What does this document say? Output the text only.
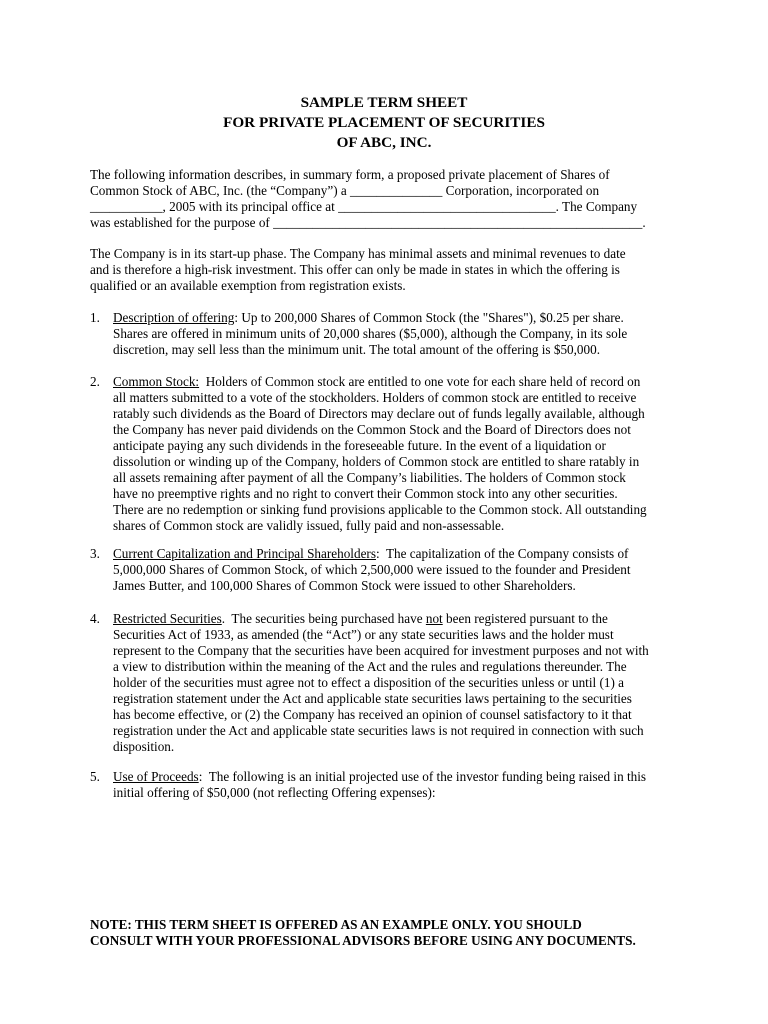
SAMPLE TERM SHEET
FOR PRIVATE PLACEMENT OF SECURITIES
OF ABC, INC.
The following information describes, in summary form, a proposed private placement of Shares of
Common Stock of ABC, Inc. (the “Company”) a ______________ Corporation, incorporated on
___________, 2005 with its principal office at _________________________________. The Company
was established for the purpose of ________________________________________________________.
The Company is in its start-up phase. The Company has minimal assets and minimal revenues to date
and is therefore a high-risk investment. This offer can only be made in states in which the offering is
qualified or an available exemption from registration exists.
1. Description of offering: Up to 200,000 Shares of Common Stock (the "Shares"), $0.25 per share.
Shares are offered in minimum units of 20,000 shares ($5,000), although the Company, in its sole
discretion, may sell less than the minimum unit. The total amount of the offering is $50,000.
2. Common Stock:  Holders of Common stock are entitled to one vote for each share held of record on
all matters submitted to a vote of the stockholders. Holders of common stock are entitled to receive
ratably such dividends as the Board of Directors may declare out of funds legally available, although
the Company has never paid dividends on the Common Stock and the Board of Directors does not
anticipate paying any such dividends in the foreseeable future. In the event of a liquidation or
dissolution or winding up of the Company, holders of Common stock are entitled to share ratably in
all assets remaining after payment of all the Company’s liabilities. The holders of Common stock
have no preemptive rights and no right to convert their Common stock into any other securities.
There are no redemption or sinking fund provisions applicable to the Common stock. All outstanding
shares of Common stock are validly issued, fully paid and non-assessable.
3. Current Capitalization and Principal Shareholders:  The capitalization of the Company consists of
5,000,000 Shares of Common Stock, of which 2,500,000 were issued to the founder and President
James Butter, and 100,000 Shares of Common Stock were issued to other Shareholders.
4. Restricted Securities.  The securities being purchased have not been registered pursuant to the
Securities Act of 1933, as amended (the “Act”) or any state securities laws and the holder must
represent to the Company that the securities have been acquired for investment purposes and not with
a view to distribution within the meaning of the Act and the rules and regulations thereunder. The
holder of the securities must agree not to effect a disposition of the securities unless or until (1) a
registration statement under the Act and applicable state securities laws pertaining to the securities
has become effective, or (2) the Company has received an opinion of counsel satisfactory to it that
registration under the Act and applicable state securities laws is not required in connection with such
disposition.
5. Use of Proceeds:  The following is an initial projected use of the investor funding being raised in this
initial offering of $50,000 (not reflecting Offering expenses):
NOTE: THIS TERM SHEET IS OFFERED AS AN EXAMPLE ONLY. YOU SHOULD
CONSULT WITH YOUR PROFESSIONAL ADVISORS BEFORE USING ANY DOCUMENTS.
